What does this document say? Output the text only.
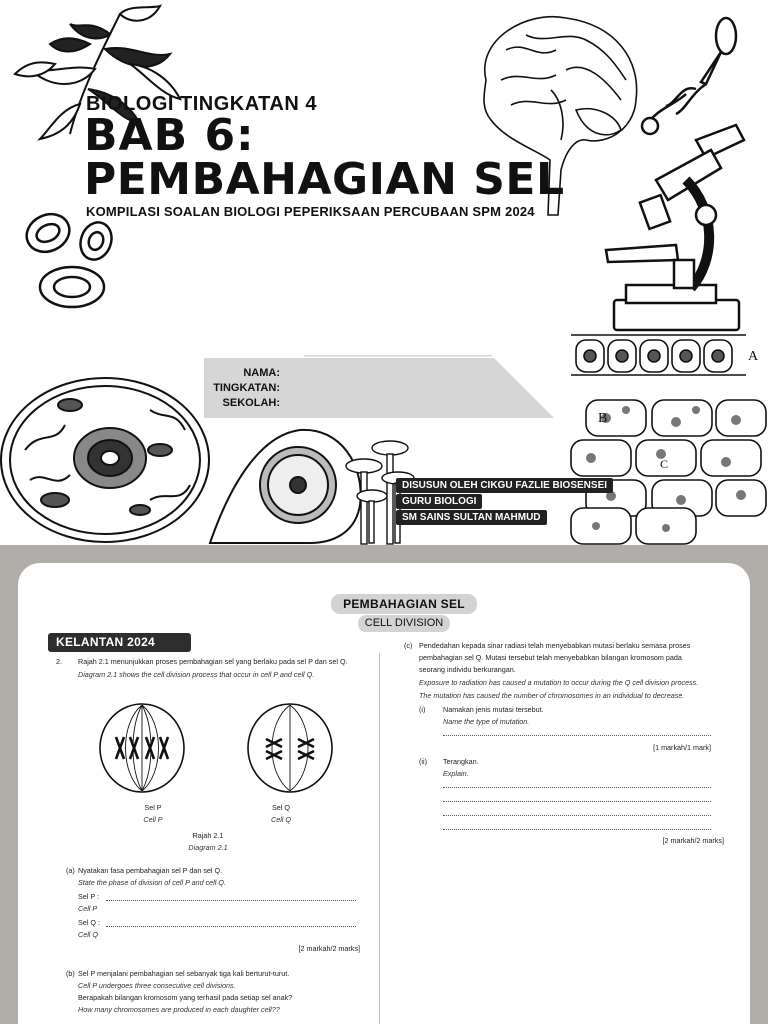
BIOLOGI TINGKATAN 4
BAB 6:
PEMBAHAGIAN SEL
KOMPILASI SOALAN BIOLOGI PEPERIKSAAN PERCUBAAN SPM 2024
NAMA:
TINGKATAN:
SEKOLAH:
A
B
C
DISUSUN OLEH CIKGU FAZLIE BIOSENSEI
GURU BIOLOGI
SM SAINS SULTAN MAHMUD
PEMBAHAGIAN SEL
CELL DIVISION
KELANTAN 2024
2. Rajah 2.1 menunjukkan proses pembahagian sel yang berlaku pada sel P dan sel Q.
Diagram 2.1 shows the cell division process that occur in cell P and cell Q.
Sel P
Cell P
Sel Q
Cell Q
Rajah 2.1
Diagram 2.1
(a) Nyatakan fasa pembahagian sel P dan sel Q.
State the phase of division of cell P and cell Q.
Sel P :
Cell P
Sel Q :
Cell Q
[2 markah/2 marks]
(b) Sel P menjalani pembahagian sel sebanyak tiga kali berturut-turut.
Cell P undergoes three consecutive cell divisions.
Berapakah bilangan kromosom yang terhasil pada setiap sel anak?
How many chromosomes are produced in each daughter cell??
(c) Pendedahan kepada sinar radiasi telah menyebabkan mutasi berlaku semasa proses
pembahagian sel Q. Mutasi tersebut telah menyebabkan bilangan kromosom pada
seorang individu berkurangan.
Exposure to radiation has caused a mutation to occur during the Q cell division process.
The mutation has caused the number of chromosomes in an individual to decrease.
(i) Namakan jenis mutasi tersebut.
Name the type of mutation.
[1 markah/1 mark]
(ii) Terangkan.
Explain.
[2 markah/2 marks]
